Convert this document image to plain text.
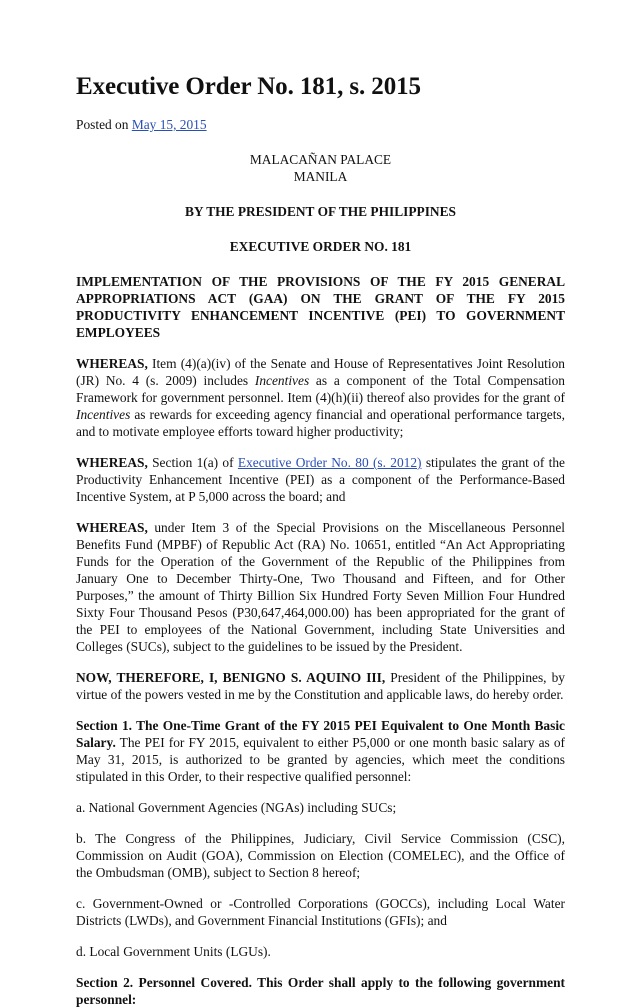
Executive Order No. 181, s. 2015
Posted on May 15, 2015
MALACAÑAN PALACE
MANILA
BY THE PRESIDENT OF THE PHILIPPINES
EXECUTIVE ORDER NO. 181
IMPLEMENTATION OF THE PROVISIONS OF THE FY 2015 GENERAL APPROPRIATIONS ACT (GAA) ON THE GRANT OF THE FY 2015 PRODUCTIVITY ENHANCEMENT INCENTIVE (PEI) TO GOVERNMENT EMPLOYEES

WHEREAS, Item (4)(a)(iv) of the Senate and House of Representatives Joint Resolution (JR) No. 4 (s. 2009) includes Incentives as a component of the Total Compensation Framework for government personnel. Item (4)(h)(ii) thereof also provides for the grant of Incentives as rewards for exceeding agency financial and operational performance targets, and to motivate employee efforts toward higher productivity;

WHEREAS, Section 1(a) of Executive Order No. 80 (s. 2012) stipulates the grant of the Productivity Enhancement Incentive (PEI) as a component of the Performance-Based Incentive System, at P 5,000 across the board; and

WHEREAS, under Item 3 of the Special Provisions on the Miscellaneous Personnel Benefits Fund (MPBF) of Republic Act (RA) No. 10651, entitled “An Act Appropriating Funds for the Operation of the Government of the Republic of the Philippines from January One to December Thirty-One, Two Thousand and Fifteen, and for Other Purposes,” the amount of Thirty Billion Six Hundred Forty Seven Million Four Hundred Sixty Four Thousand Pesos (P30,647,464,000.00) has been appropriated for the grant of the PEI to employees of the National Government, including State Universities and Colleges (SUCs), subject to the guidelines to be issued by the President.

NOW, THEREFORE, I, BENIGNO S. AQUINO III, President of the Philippines, by virtue of the powers vested in me by the Constitution and applicable laws, do hereby order.

Section 1. The One-Time Grant of the FY 2015 PEI Equivalent to One Month Basic Salary. The PEI for FY 2015, equivalent to either P5,000 or one month basic salary as of May 31, 2015, is authorized to be granted by agencies, which meet the conditions stipulated in this Order, to their respective qualified personnel:

a. National Government Agencies (NGAs) including SUCs;

b. The Congress of the Philippines, Judiciary, Civil Service Commission (CSC), Commission on Audit (GOA), Commission on Election (COMELEC), and the Office of the Ombudsman (OMB), subject to Section 8 hereof;

c. Government-Owned or -Controlled Corporations (GOCCs), including Local Water Districts (LWDs), and Government Financial Institutions (GFIs); and

d. Local Government Units (LGUs).

Section 2. Personnel Covered. This Order shall apply to the following government personnel:
